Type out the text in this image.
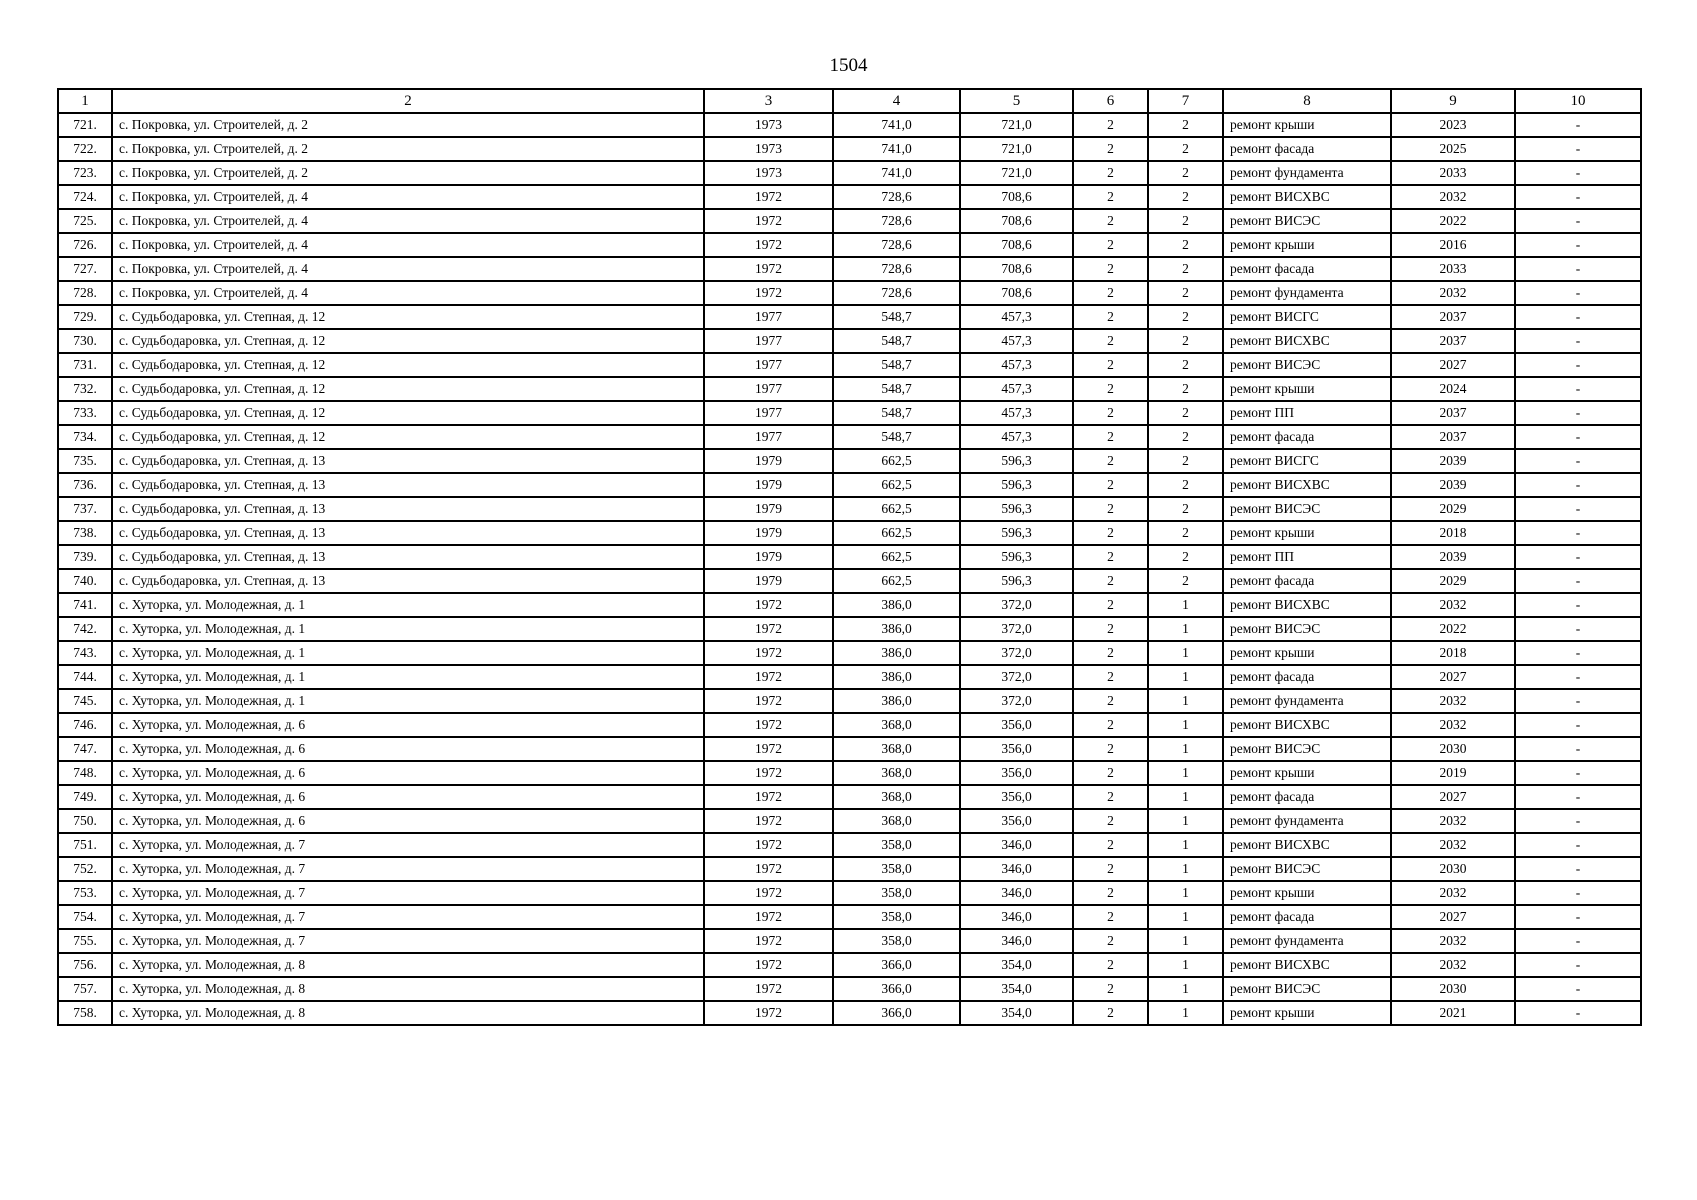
1504
1	2	3	4	5	6	7	8	9	10
721.	с. Покровка, ул. Строителей, д. 2	1973	741,0	721,0	2	2	ремонт крыши	2023	-
722.	с. Покровка, ул. Строителей, д. 2	1973	741,0	721,0	2	2	ремонт фасада	2025	-
723.	с. Покровка, ул. Строителей, д. 2	1973	741,0	721,0	2	2	ремонт фундамента	2033	-
724.	с. Покровка, ул. Строителей, д. 4	1972	728,6	708,6	2	2	ремонт ВИСХВС	2032	-
725.	с. Покровка, ул. Строителей, д. 4	1972	728,6	708,6	2	2	ремонт ВИСЭС	2022	-
726.	с. Покровка, ул. Строителей, д. 4	1972	728,6	708,6	2	2	ремонт крыши	2016	-
727.	с. Покровка, ул. Строителей, д. 4	1972	728,6	708,6	2	2	ремонт фасада	2033	-
728.	с. Покровка, ул. Строителей, д. 4	1972	728,6	708,6	2	2	ремонт фундамента	2032	-
729.	с. Судьбодаровка, ул. Степная, д. 12	1977	548,7	457,3	2	2	ремонт ВИСГС	2037	-
730.	с. Судьбодаровка, ул. Степная, д. 12	1977	548,7	457,3	2	2	ремонт ВИСХВС	2037	-
731.	с. Судьбодаровка, ул. Степная, д. 12	1977	548,7	457,3	2	2	ремонт ВИСЭС	2027	-
732.	с. Судьбодаровка, ул. Степная, д. 12	1977	548,7	457,3	2	2	ремонт крыши	2024	-
733.	с. Судьбодаровка, ул. Степная, д. 12	1977	548,7	457,3	2	2	ремонт ПП	2037	-
734.	с. Судьбодаровка, ул. Степная, д. 12	1977	548,7	457,3	2	2	ремонт фасада	2037	-
735.	с. Судьбодаровка, ул. Степная, д. 13	1979	662,5	596,3	2	2	ремонт ВИСГС	2039	-
736.	с. Судьбодаровка, ул. Степная, д. 13	1979	662,5	596,3	2	2	ремонт ВИСХВС	2039	-
737.	с. Судьбодаровка, ул. Степная, д. 13	1979	662,5	596,3	2	2	ремонт ВИСЭС	2029	-
738.	с. Судьбодаровка, ул. Степная, д. 13	1979	662,5	596,3	2	2	ремонт крыши	2018	-
739.	с. Судьбодаровка, ул. Степная, д. 13	1979	662,5	596,3	2	2	ремонт ПП	2039	-
740.	с. Судьбодаровка, ул. Степная, д. 13	1979	662,5	596,3	2	2	ремонт фасада	2029	-
741.	с. Хуторка, ул. Молодежная, д. 1	1972	386,0	372,0	2	1	ремонт ВИСХВС	2032	-
742.	с. Хуторка, ул. Молодежная, д. 1	1972	386,0	372,0	2	1	ремонт ВИСЭС	2022	-
743.	с. Хуторка, ул. Молодежная, д. 1	1972	386,0	372,0	2	1	ремонт крыши	2018	-
744.	с. Хуторка, ул. Молодежная, д. 1	1972	386,0	372,0	2	1	ремонт фасада	2027	-
745.	с. Хуторка, ул. Молодежная, д. 1	1972	386,0	372,0	2	1	ремонт фундамента	2032	-
746.	с. Хуторка, ул. Молодежная, д. 6	1972	368,0	356,0	2	1	ремонт ВИСХВС	2032	-
747.	с. Хуторка, ул. Молодежная, д. 6	1972	368,0	356,0	2	1	ремонт ВИСЭС	2030	-
748.	с. Хуторка, ул. Молодежная, д. 6	1972	368,0	356,0	2	1	ремонт крыши	2019	-
749.	с. Хуторка, ул. Молодежная, д. 6	1972	368,0	356,0	2	1	ремонт фасада	2027	-
750.	с. Хуторка, ул. Молодежная, д. 6	1972	368,0	356,0	2	1	ремонт фундамента	2032	-
751.	с. Хуторка, ул. Молодежная, д. 7	1972	358,0	346,0	2	1	ремонт ВИСХВС	2032	-
752.	с. Хуторка, ул. Молодежная, д. 7	1972	358,0	346,0	2	1	ремонт ВИСЭС	2030	-
753.	с. Хуторка, ул. Молодежная, д. 7	1972	358,0	346,0	2	1	ремонт крыши	2032	-
754.	с. Хуторка, ул. Молодежная, д. 7	1972	358,0	346,0	2	1	ремонт фасада	2027	-
755.	с. Хуторка, ул. Молодежная, д. 7	1972	358,0	346,0	2	1	ремонт фундамента	2032	-
756.	с. Хуторка, ул. Молодежная, д. 8	1972	366,0	354,0	2	1	ремонт ВИСХВС	2032	-
757.	с. Хуторка, ул. Молодежная, д. 8	1972	366,0	354,0	2	1	ремонт ВИСЭС	2030	-
758.	с. Хуторка, ул. Молодежная, д. 8	1972	366,0	354,0	2	1	ремонт крыши	2021	-
